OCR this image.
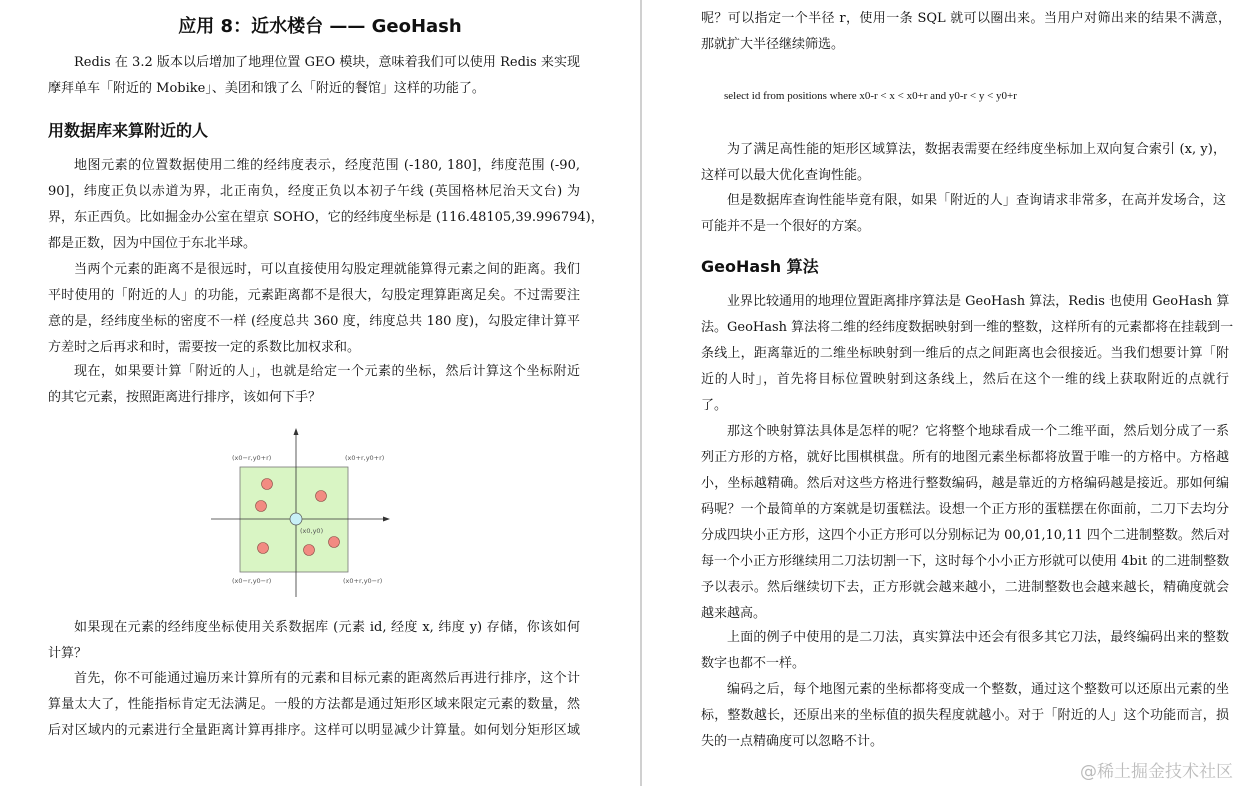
应用 8：近水楼台 —— GeoHash
Redis 在 3.2 版本以后增加了地理位置 GEO 模块，意味着我们可以使用 Redis 来实现
摩拜单车「附近的 Mobike」、美团和饿了么「附近的餐馆」这样的功能了。
用数据库来算附近的人
地图元素的位置数据使用二维的经纬度表示，经度范围 (-180, 180]，纬度范围 (-90,
90]，纬度正负以赤道为界，北正南负，经度正负以本初子午线 (英国格林尼治天文台) 为
界，东正西负。比如掘金办公室在望京 SOHO，它的经纬度坐标是 (116.48105,39.996794)，
都是正数，因为中国位于东北半球。
当两个元素的距离不是很远时，可以直接使用勾股定理就能算得元素之间的距离。我们
平时使用的「附近的人」的功能，元素距离都不是很大，勾股定理算距离足矣。不过需要注
意的是，经纬度坐标的密度不一样 (经度总共 360 度，纬度总共 180 度)，勾股定律计算平
方差时之后再求和时，需要按一定的系数比加权求和。
现在，如果要计算「附近的人」，也就是给定一个元素的坐标，然后计算这个坐标附近
的其它元素，按照距离进行排序，该如何下手？
(x0−r,y0+r)	(x0+r,y0+r)
(x0,y0)
(x0−r,y0−r)	(x0+r,y0−r)
如果现在元素的经纬度坐标使用关系数据库 (元素 id, 经度 x, 纬度 y) 存储，你该如何
计算？
首先，你不可能通过遍历来计算所有的元素和目标元素的距离然后再进行排序，这个计
算量太大了，性能指标肯定无法满足。一般的方法都是通过矩形区域来限定元素的数量，然
后对区域内的元素进行全量距离计算再排序。这样可以明显减少计算量。如何划分矩形区域
呢？可以指定一个半径 r，使用一条 SQL 就可以圈出来。当用户对筛出来的结果不满意，
那就扩大半径继续筛选。
select id from positions where x0-r < x < x0+r and y0-r < y < y0+r
为了满足高性能的矩形区域算法，数据表需要在经纬度坐标加上双向复合索引 (x, y)，
这样可以最大优化查询性能。
但是数据库查询性能毕竟有限，如果「附近的人」查询请求非常多，在高并发场合，这
可能并不是一个很好的方案。
GeoHash 算法
业界比较通用的地理位置距离排序算法是 GeoHash 算法，Redis 也使用 GeoHash 算
法。GeoHash 算法将二维的经纬度数据映射到一维的整数，这样所有的元素都将在挂载到一
条线上，距离靠近的二维坐标映射到一维后的点之间距离也会很接近。当我们想要计算「附
近的人时」，首先将目标位置映射到这条线上，然后在这个一维的线上获取附近的点就行
了。
那这个映射算法具体是怎样的呢？它将整个地球看成一个二维平面，然后划分成了一系
列正方形的方格，就好比围棋棋盘。所有的地图元素坐标都将放置于唯一的方格中。方格越
小，坐标越精确。然后对这些方格进行整数编码，越是靠近的方格编码越是接近。那如何编
码呢？一个最简单的方案就是切蛋糕法。设想一个正方形的蛋糕摆在你面前，二刀下去均分
分成四块小正方形，这四个小正方形可以分别标记为 00,01,10,11 四个二进制整数。然后对
每一个小正方形继续用二刀法切割一下，这时每个小小正方形就可以使用 4bit 的二进制整数
予以表示。然后继续切下去，正方形就会越来越小，二进制整数也会越来越长，精确度就会
越来越高。
上面的例子中使用的是二刀法，真实算法中还会有很多其它刀法，最终编码出来的整数
数字也都不一样。
编码之后，每个地图元素的坐标都将变成一个整数，通过这个整数可以还原出元素的坐
标，整数越长，还原出来的坐标值的损失程度就越小。对于「附近的人」这个功能而言，损
失的一点精确度可以忽略不计。
@稀土掘金技术社区
